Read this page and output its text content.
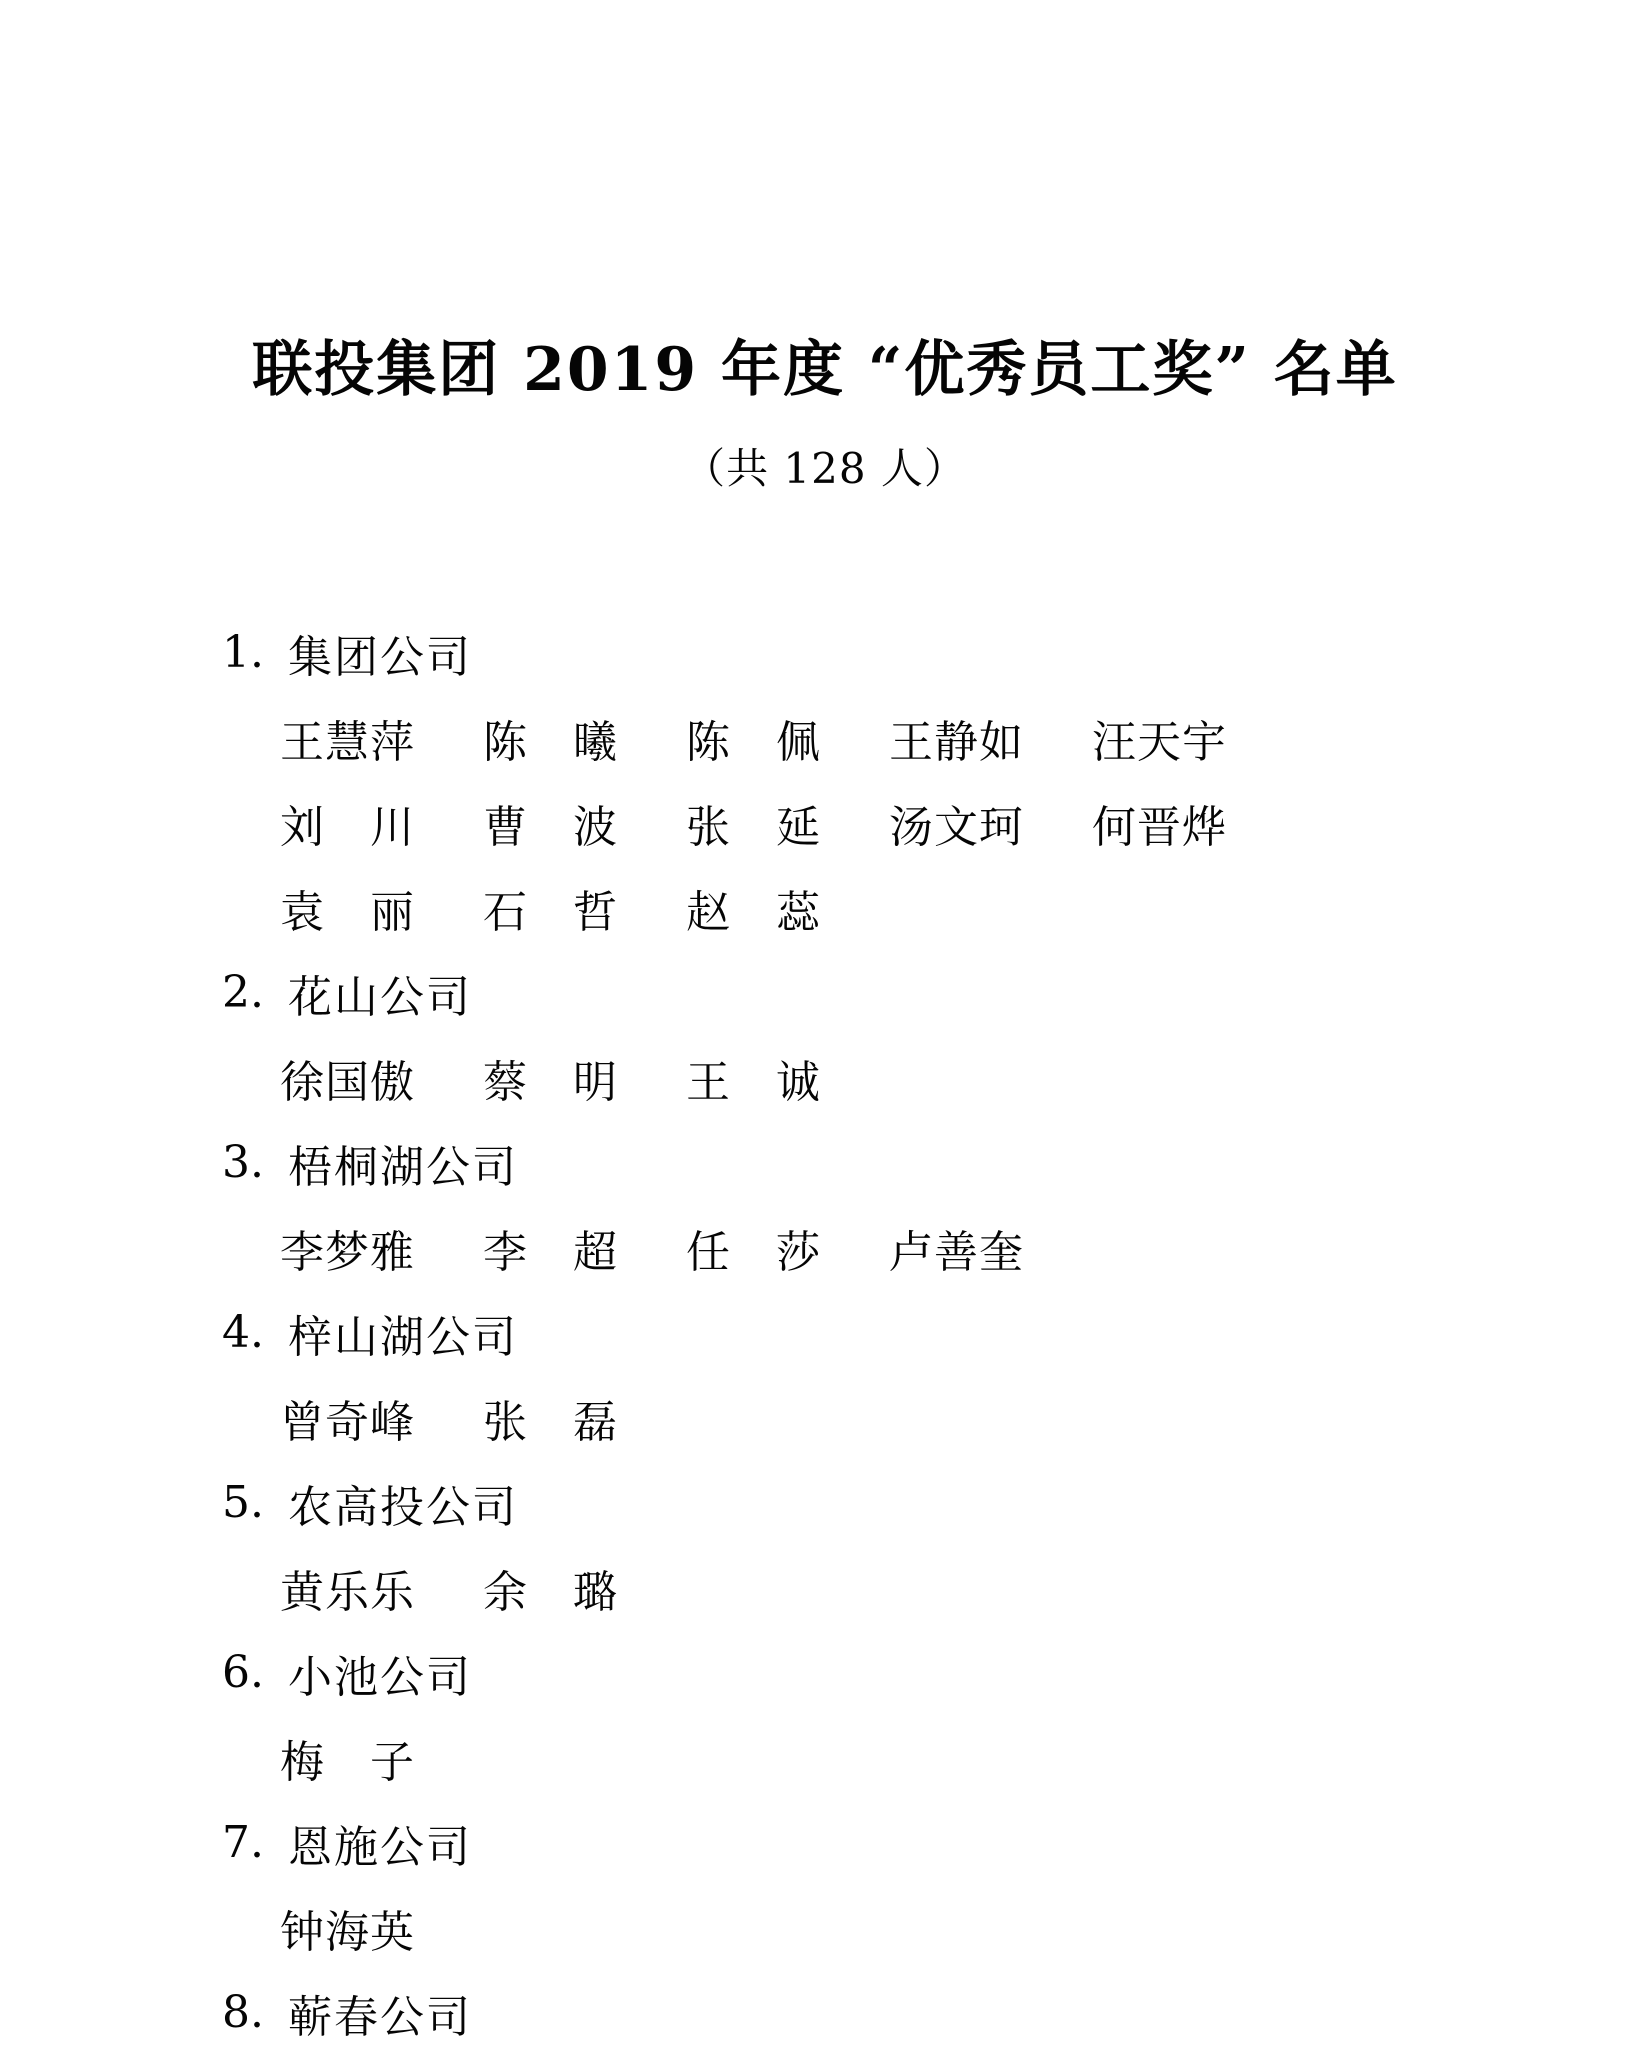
联投集团 2019 年度 “优秀员工奖” 名单
（共 128 人）
1. 集团公司
王慧萍 陈　曦 陈　佩 王静如 汪天宇
刘　川 曹　波 张　延 汤文珂 何晋烨
袁　丽 石　哲 赵　蕊
2. 花山公司
徐国傲 蔡　明 王　诚
3. 梧桐湖公司
李梦雅 李　超 任　莎 卢善奎
4. 梓山湖公司
曾奇峰 张　磊
5. 农高投公司
黄乐乐 余　璐
6. 小池公司
梅　子
7. 恩施公司
钟海英
8. 蕲春公司
